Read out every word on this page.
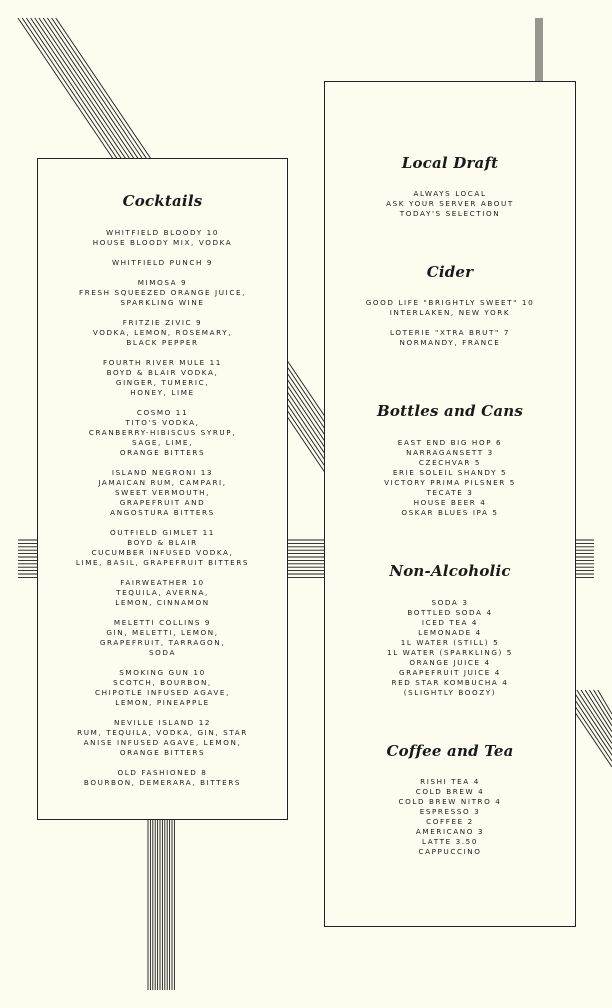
Cocktails
WHITFIELD BLOODY 10
HOUSE BLOODY MIX, VODKA
WHITFIELD PUNCH 9
MIMOSA 9
FRESH SQUEEZED ORANGE JUICE,
SPARKLING WINE
FRITZIE ZIVIC 9
VODKA, LEMON, ROSEMARY,
BLACK PEPPER
FOURTH RIVER MULE 11
BOYD & BLAIR VODKA,
GINGER, TUMERIC,
HONEY, LIME
COSMO 11
TITO'S VODKA,
CRANBERRY-HIBISCUS SYRUP,
SAGE, LIME,
ORANGE BITTERS
ISLAND NEGRONI 13
JAMAICAN RUM, CAMPARI,
SWEET VERMOUTH,
GRAPEFRUIT AND
ANGOSTURA BITTERS
OUTFIELD GIMLET 11
BOYD & BLAIR
CUCUMBER INFUSED VODKA,
LIME, BASIL, GRAPEFRUIT BITTERS
FAIRWEATHER 10
TEQUILA, AVERNA,
LEMON, CINNAMON
MELETTI COLLINS 9
GIN, MELETTI, LEMON,
GRAPEFRUIT, TARRAGON,
SODA
SMOKING GUN 10
SCOTCH, BOURBON,
CHIPOTLE INFUSED AGAVE,
LEMON, PINEAPPLE
NEVILLE ISLAND 12
RUM, TEQUILA, VODKA, GIN, STAR
ANISE INFUSED AGAVE, LEMON,
ORANGE BITTERS
OLD FASHIONED 8
BOURBON, DEMERARA, BITTERS
Local Draft
ALWAYS LOCAL
ASK YOUR SERVER ABOUT
TODAY'S SELECTION
Cider
GOOD LIFE "BRIGHTLY SWEET" 10
INTERLAKEN, NEW YORK
LOTERIE "XTRA BRUT" 7
NORMANDY, FRANCE
Bottles and Cans
EAST END BIG HOP 6
NARRAGANSETT 3
CZECHVAR 5
ERIE SOLEIL SHANDY 5
VICTORY PRIMA PILSNER 5
TECATE 3
HOUSE BEER 4
OSKAR BLUES IPA 5
Non-Alcoholic
SODA 3
BOTTLED SODA 4
ICED TEA 4
LEMONADE 4
1L WATER (STILL) 5
1L WATER (SPARKLING) 5
ORANGE JUICE 4
GRAPEFRUIT JUICE 4
RED STAR KOMBUCHA 4
(SLIGHTLY BOOZY)
Coffee and Tea
RISHI TEA 4
COLD BREW 4
COLD BREW NITRO 4
ESPRESSO 3
COFFEE 2
AMERICANO 3
LATTE 3.50
CAPPUCCINO
